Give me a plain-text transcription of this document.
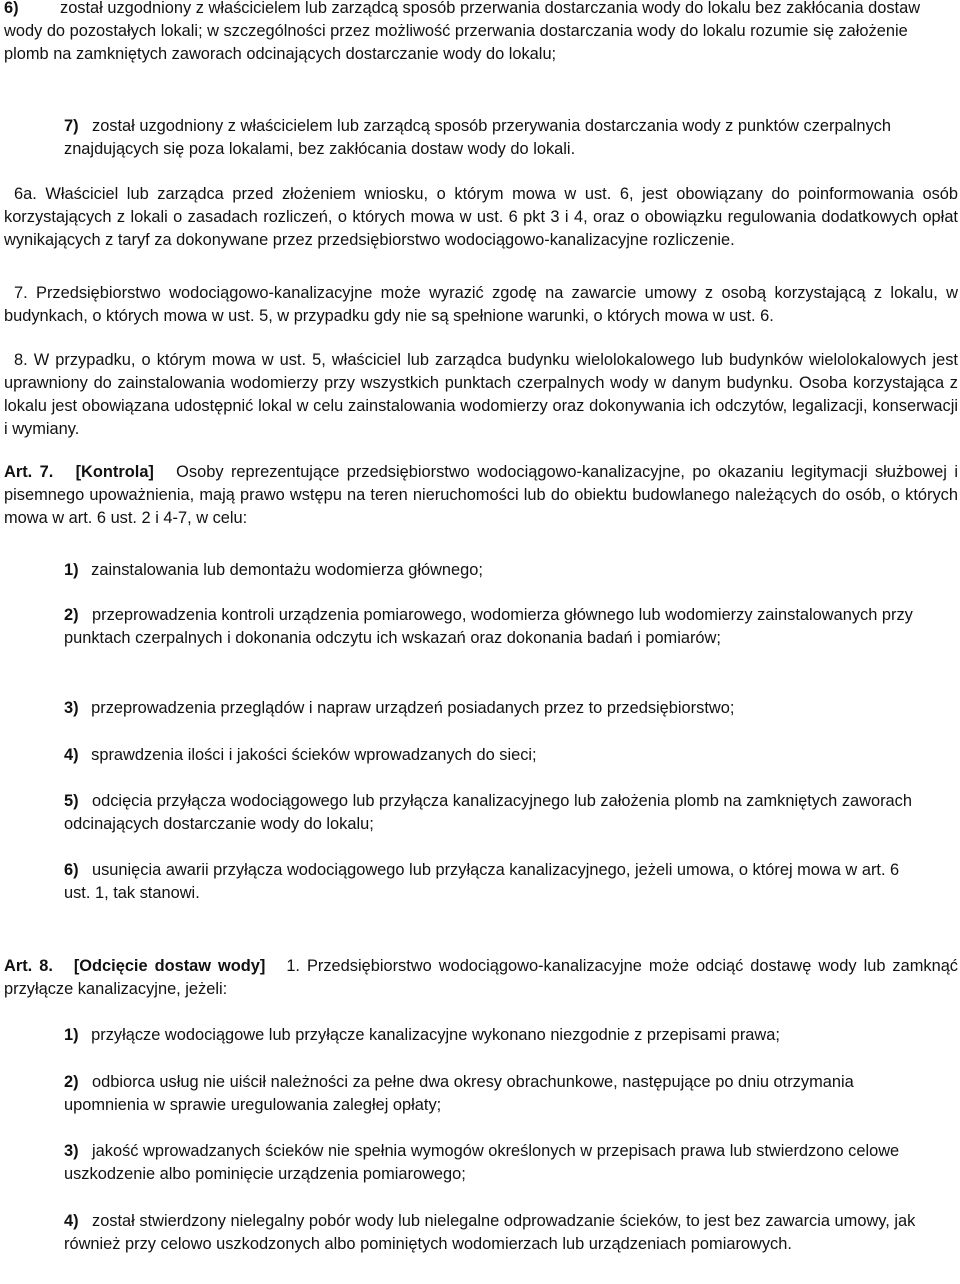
6)	został uzgodniony z właścicielem lub zarządcą sposób przerwania dostarczania wody do lokalu bez zakłócania dostaw wody do pozostałych lokali; w szczególności przez możliwość przerwania dostarczania wody do lokalu rozumie się założenie plomb na zamkniętych zaworach odcinających dostarczanie wody do lokalu;

7) został uzgodniony z właścicielem lub zarządcą sposób przerywania dostarczania wody z punktów czerpalnych znajdujących się poza lokalami, bez zakłócania dostaw wody do lokali.

6a. Właściciel lub zarządca przed złożeniem wniosku, o którym mowa w ust. 6, jest obowiązany do poinformowania osób korzystających z lokali o zasadach rozliczeń, o których mowa w ust. 6 pkt 3 i 4, oraz o obowiązku regulowania dodatkowych opłat wynikających z taryf za dokonywane przez przedsiębiorstwo wodociągowo-kanalizacyjne rozliczenie.

7. Przedsiębiorstwo wodociągowo-kanalizacyjne może wyrazić zgodę na zawarcie umowy z osobą korzystającą z lokalu, w budynkach, o których mowa w ust. 5, w przypadku gdy nie są spełnione warunki, o których mowa w ust. 6.

8. W przypadku, o którym mowa w ust. 5, właściciel lub zarządca budynku wielolokalowego lub budynków wielolokalowych jest uprawniony do zainstalowania wodomierzy przy wszystkich punktach czerpalnych wody w danym budynku. Osoba korzystająca z lokalu jest obowiązana udostępnić lokal w celu zainstalowania wodomierzy oraz dokonywania ich odczytów, legalizacji, konserwacji i wymiany.

Art. 7. [Kontrola] Osoby reprezentujące przedsiębiorstwo wodociągowo-kanalizacyjne, po okazaniu legitymacji służbowej i pisemnego upoważnienia, mają prawo wstępu na teren nieruchomości lub do obiektu budowlanego należących do osób, o których mowa w art. 6 ust. 2 i 4-7, w celu:

1) zainstalowania lub demontażu wodomierza głównego;
2) przeprowadzenia kontroli urządzenia pomiarowego, wodomierza głównego lub wodomierzy zainstalowanych przy punktach czerpalnych i dokonania odczytu ich wskazań oraz dokonania badań i pomiarów;

3) przeprowadzenia przeglądów i napraw urządzeń posiadanych przez to przedsiębiorstwo;
4) sprawdzenia ilości i jakości ścieków wprowadzanych do sieci;
5) odcięcia przyłącza wodociągowego lub przyłącza kanalizacyjnego lub założenia plomb na zamkniętych zaworach odcinających dostarczanie wody do lokalu;

6) usunięcia awarii przyłącza wodociągowego lub przyłącza kanalizacyjnego, jeżeli umowa, o której mowa w art. 6 ust. 1, tak stanowi.

Art. 8. [Odcięcie dostaw wody] 1. Przedsiębiorstwo wodociągowo-kanalizacyjne może odciąć dostawę wody lub zamknąć przyłącze kanalizacyjne, jeżeli:

1) przyłącze wodociągowe lub przyłącze kanalizacyjne wykonano niezgodnie z przepisami prawa;
2) odbiorca usług nie uiścił należności za pełne dwa okresy obrachunkowe, następujące po dniu otrzymania upomnienia w sprawie uregulowania zaległej opłaty;

3) jakość wprowadzanych ścieków nie spełnia wymogów określonych w przepisach prawa lub stwierdzono celowe uszkodzenie albo pominięcie urządzenia pomiarowego;

4) został stwierdzony nielegalny pobór wody lub nielegalne odprowadzanie ścieków, to jest bez zawarcia umowy, jak również przy celowo uszkodzonych albo pominiętych wodomierzach lub urządzeniach pomiarowych.
